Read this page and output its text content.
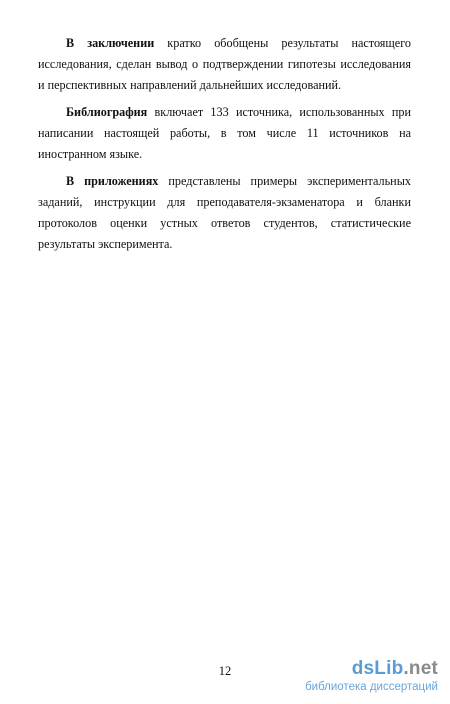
В заключении кратко обобщены результаты настоящего исследования, сделан вывод о подтверждении гипотезы исследования и перспективных направлений дальнейших исследований.

Библиография включает 133 источника, использованных при написании настоящей работы, в том числе 11 источников на иностранном языке.

В приложениях представлены примеры экспериментальных заданий, инструкции для преподавателя-экзаменатора и бланки протоколов оценки устных ответов студентов, статистические результаты эксперимента.

12	dsLib.net
библиотека диссертаций
